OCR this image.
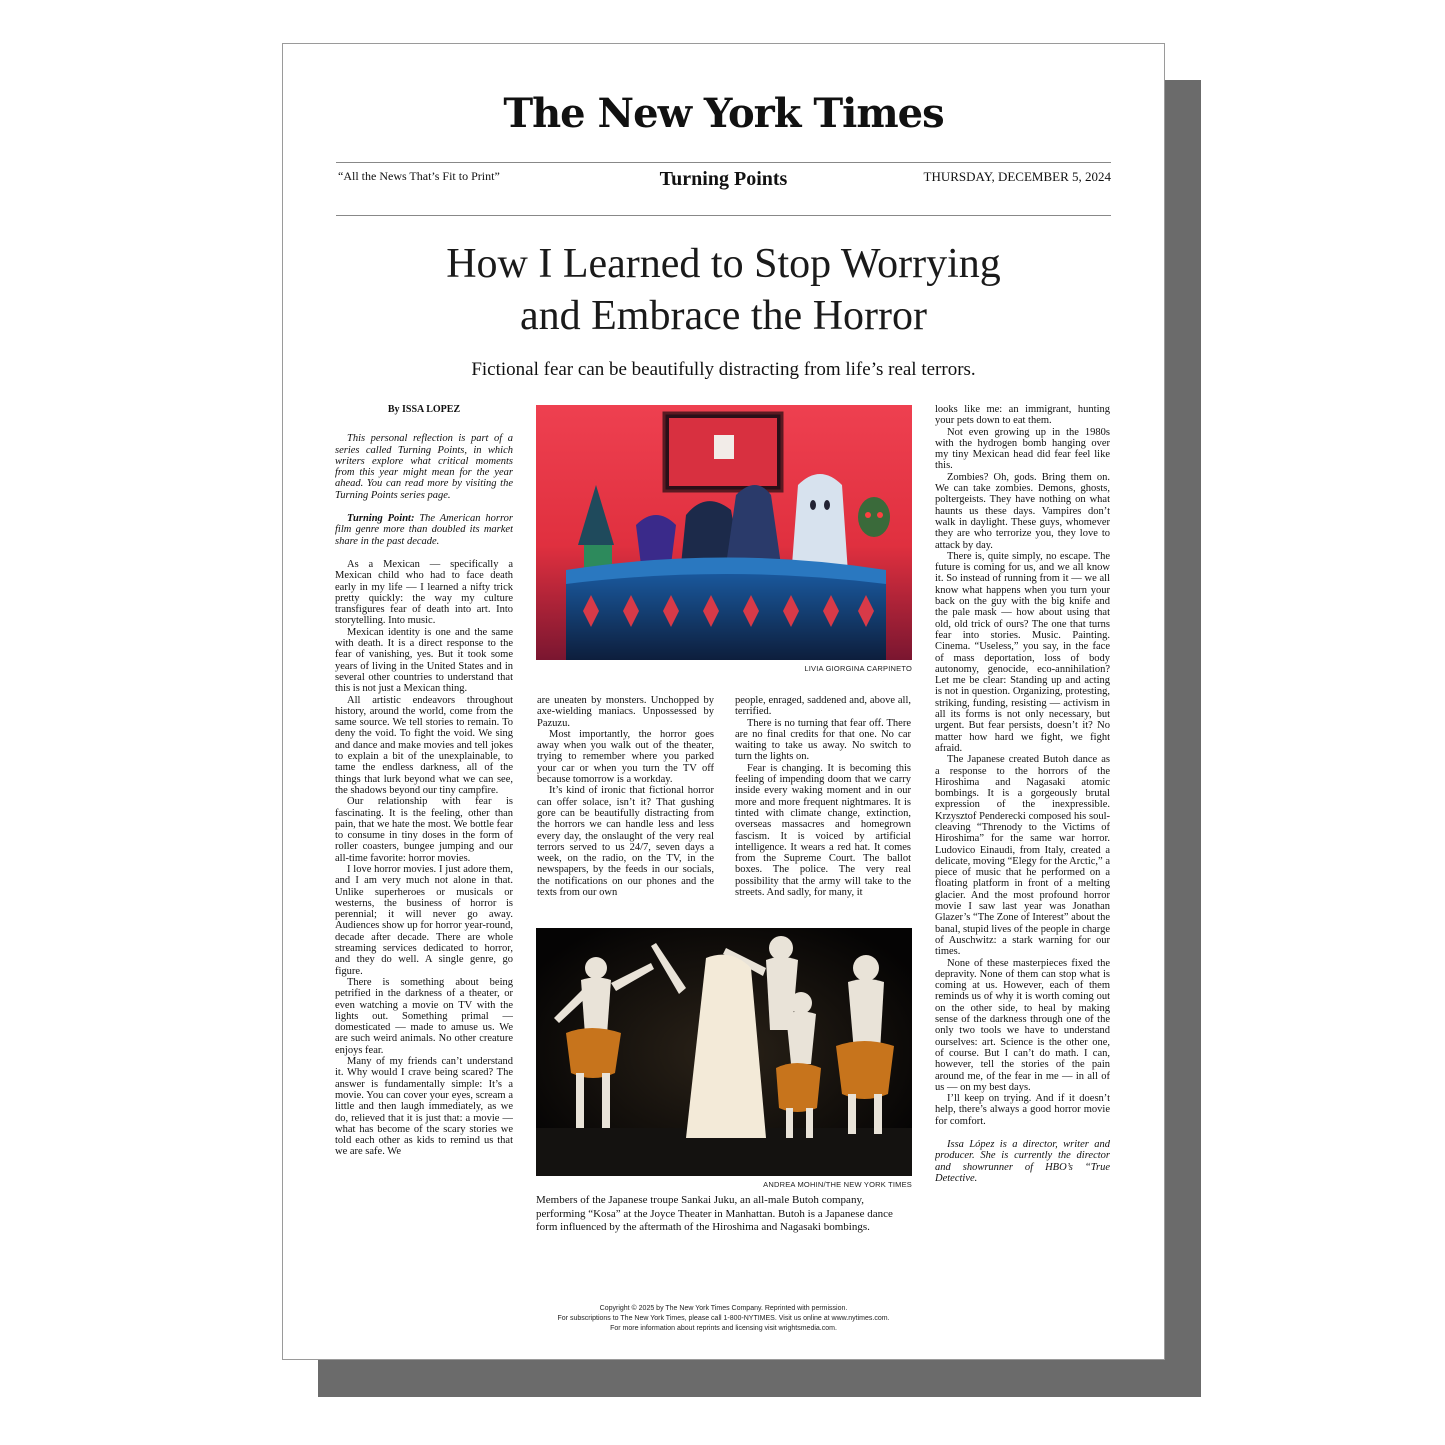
The New York Times
“All the News That’s Fit to Print”	Turning Points	THURSDAY, DECEMBER 5, 2024
How I Learned to Stop Worrying
and Embrace the Horror
Fictional fear can be beautifully distracting from life’s real terrors.

By ISSA LÓPEZ

This personal reflection is part of a series called Turning Points, in which writers explore what critical moments from this year might mean for the year ahead. You can read more by visiting the Turning Points series page.

Turning Point: The American horror film genre more than doubled its market share in the past decade.

As a Mexican — specifically a Mexican child who had to face death early in my life — I learned a nifty trick pretty quickly: the way my culture transfigures fear of death into art. Into storytelling. Into music.

Mexican identity is one and the same with death. It is a direct response to the fear of vanishing, yes. But it took some years of living in the United States and in several other countries to understand that this is not just a Mexican thing.

All artistic endeavors throughout history, around the world, come from the same source. We tell stories to remain. To deny the void. To fight the void. We sing and dance and make movies and tell jokes to explain a bit of the unexplainable, to tame the endless darkness, all of the things that lurk beyond what we can see, the shadows beyond our tiny campfire.

Our relationship with fear is fascinating. It is the feeling, other than pain, that we hate the most. We bottle fear to consume in tiny doses in the form of roller coasters, bungee jumping and our all-time favorite: horror movies.

I love horror movies. I just adore them, and I am very much not alone in that. Unlike superheroes or musicals or westerns, the business of horror is perennial; it will never go away. Audiences show up for horror year-round, decade after decade. There are whole streaming services dedicated to horror, and they do well. A single genre, go figure.

There is something about being petrified in the darkness of a theater, or even watching a movie on TV with the lights out. Something primal — domesticated — made to amuse us. We are such weird animals. No other creature enjoys fear.

Many of my friends can’t understand it. Why would I crave being scared? The answer is fundamentally simple: It’s a movie. You can cover your eyes, scream a little and then laugh immediately, as we do, relieved that it is just that: a movie — what has become of the scary stories we told each other as kids to remind us that we are safe. We

LIVIA GIORGINA CARPINETO

are uneaten by monsters. Unchopped by axe-wielding maniacs. Unpossessed by Pazuzu.

Most importantly, the horror goes away when you walk out of the theater, trying to remember where you parked your car or when you turn the TV off because tomorrow is a workday.

It’s kind of ironic that fictional horror can offer solace, isn’t it? That gushing gore can be beautifully distracting from the horrors we can handle less and less every day, the onslaught of the very real terrors served to us 24/7, seven days a week, on the radio, on the TV, in the newspapers, by the feeds in our socials, the notifications on our phones and the texts from our own

people, enraged, saddened and, above all, terrified.

There is no turning that fear off. There are no final credits for that one. No car waiting to take us away. No switch to turn the lights on.

Fear is changing. It is becoming this feeling of impending doom that we carry inside every waking moment and in our more and more frequent nightmares. It is tinted with climate change, extinction, overseas massacres and homegrown fascism. It is voiced by artificial intelligence. It wears a red hat. It comes from the Supreme Court. The ballot boxes. The police. The very real possibility that the army will take to the streets. And sadly, for many, it

ANDREA MOHIN/THE NEW YORK TIMES
Members of the Japanese troupe Sankai Juku, an all-male Butoh company, performing “Kosa” at the Joyce Theater in Manhattan. Butoh is a Japanese dance form influenced by the aftermath of the Hiroshima and Nagasaki bombings.

looks like me: an immigrant, hunting your pets down to eat them.

Not even growing up in the 1980s with the hydrogen bomb hanging over my tiny Mexican head did fear feel like this.

Zombies? Oh, gods. Bring them on. We can take zombies. Demons, ghosts, poltergeists. They have nothing on what haunts us these days. Vampires don’t walk in daylight. These guys, whomever they are who terrorize you, they love to attack by day.

There is, quite simply, no escape. The future is coming for us, and we all know it. So instead of running from it — we all know what happens when you turn your back on the guy with the big knife and the pale mask — how about using that old, old trick of ours? The one that turns fear into stories. Music. Painting. Cinema. “Useless,” you say, in the face of mass deportation, loss of body autonomy, genocide, eco-annihilation? Let me be clear: Standing up and acting is not in question. Organizing, protesting, striking, funding, resisting — activism in all its forms is not only necessary, but urgent. But fear persists, doesn’t it? No matter how hard we fight, we fight afraid.

The Japanese created Butoh dance as a response to the horrors of the Hiroshima and Nagasaki atomic bombings. It is a gorgeously brutal expression of the inexpressible. Krzysztof Penderecki composed his soul-cleaving “Threnody to the Victims of Hiroshima” for the same war horror. Ludovico Einaudi, from Italy, created a delicate, moving “Elegy for the Arctic,” a piece of music that he performed on a floating platform in front of a melting glacier. And the most profound horror movie I saw last year was Jonathan Glazer’s “The Zone of Interest” about the banal, stupid lives of the people in charge of Auschwitz: a stark warning for our times.

None of these masterpieces fixed the depravity. None of them can stop what is coming at us. However, each of them reminds us of why it is worth coming out on the other side, to heal by making sense of the darkness through one of the only two tools we have to understand ourselves: art. Science is the other one, of course. But I can’t do math. I can, however, tell the stories of the pain around me, of the fear in me — in all of us — on my best days.

I’ll keep on trying. And if it doesn’t help, there’s always a good horror movie for comfort.

Issa López is a director, writer and producer. She is currently the director and showrunner of HBO’s “True Detective.

Copyright © 2025 by The New York Times Company. Reprinted with permission.
For subscriptions to The New York Times, please call 1-800-NYTIMES. Visit us online at www.nytimes.com.
For more information about reprints and licensing visit wrightsmedia.com.
